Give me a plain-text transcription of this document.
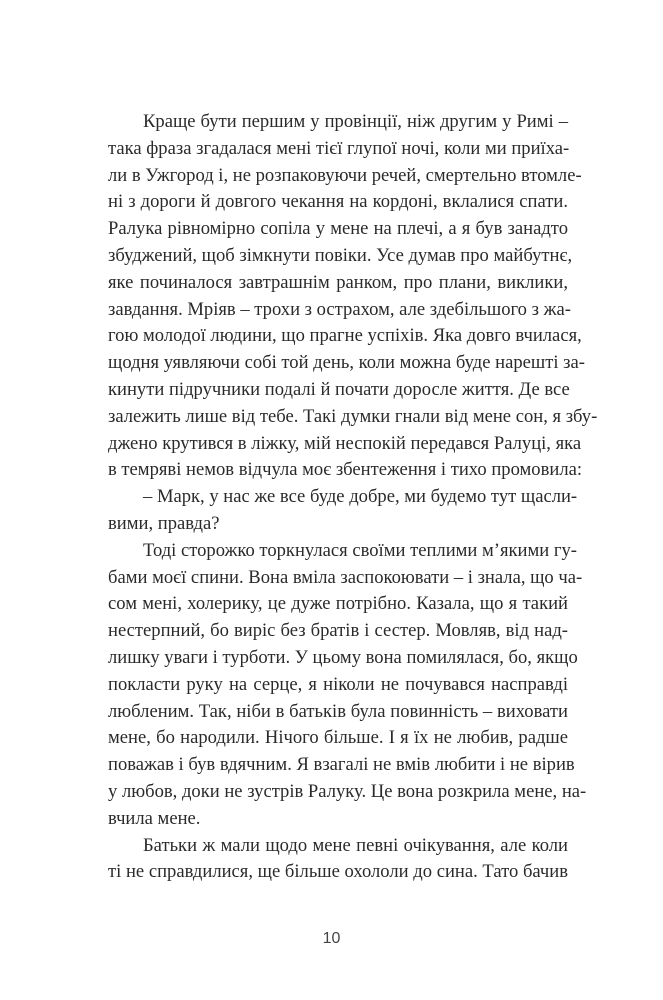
Краще бути першим у провінції, ніж другим у Римі –
така фраза згадалася мені тієї глупої ночі, коли ми приїха-
ли в Ужгород і, не розпаковуючи речей, смертельно втомле-
ні з дороги й довгого чекання на кордоні, вклалися спати.
Ралука рівномірно сопіла у мене на плечі, а я був занадто
збуджений, щоб зімкнути повіки. Усе думав про майбутнє,
яке починалося завтрашнім ранком, про плани, виклики,
завдання. Мріяв – трохи з острахом, але здебільшого з жа-
гою молодої людини, що прагне успіхів. Яка довго вчилася,
щодня уявляючи собі той день, коли можна буде нарешті за-
кинути підручники подалі й почати доросле життя. Де все
залежить лише від тебе. Такі думки гнали від мене сон, я збу-
джено крутився в ліжку, мій неспокій передався Ралуці, яка
в темряві немов відчула моє збентеження і тихо промовила:
– Марк, у нас же все буде добре, ми будемо тут щасли-
вими, правда?
Тоді сторожко торкнулася своїми теплими м’якими гу-
бами моєї спини. Вона вміла заспокоювати – і знала, що ча-
сом мені, холерику, це дуже потрібно. Казала, що я такий
нестерпний, бо виріс без братів і сестер. Мовляв, від над-
лишку уваги і турботи. У цьому вона помилялася, бо, якщо
покласти руку на серце, я ніколи не почувався насправді
любленим. Так, ніби в батьків була повинність – виховати
мене, бо народили. Нічого більше. І я їх не любив, радше
поважав і був вдячним. Я взагалі не вмів любити і не вірив
у любов, доки не зустрів Ралуку. Це вона розкрила мене, на-
вчила мене.
Батьки ж мали щодо мене певні очікування, але коли
ті не справдилися, ще більше охололи до сина. Тато бачив
10
